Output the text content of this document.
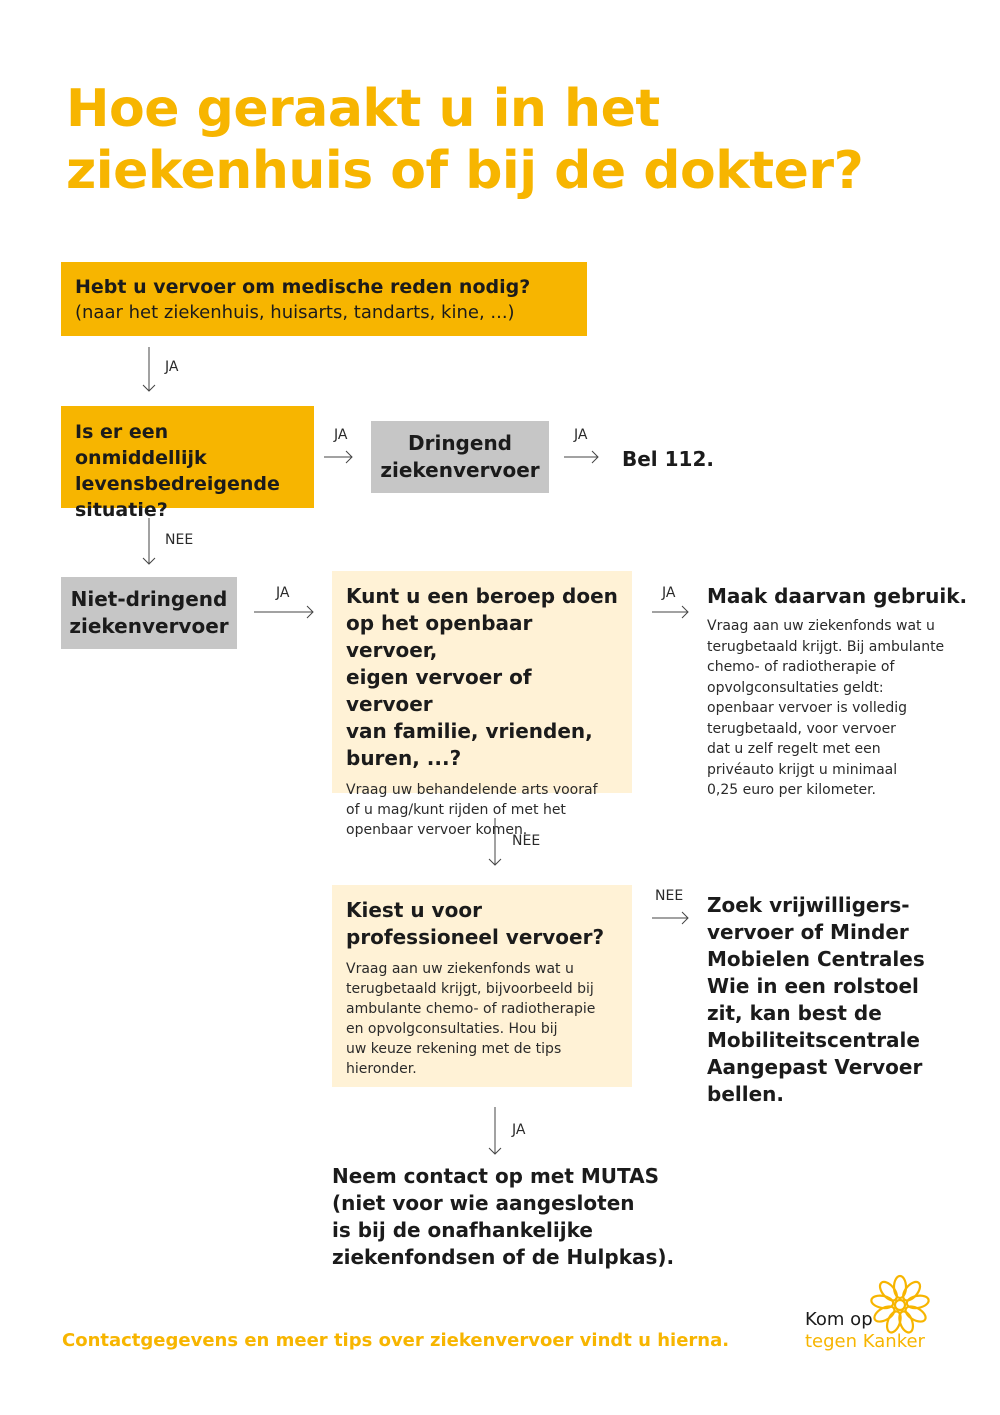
Hoe geraakt u in het
ziekenhuis of bij de dokter?
Hebt u vervoer om medische reden nodig?
(naar het ziekenhuis, huisarts, tandarts, kine, ...)
Is er een onmiddellijk
levensbedreigende
situatie?
Dringend
ziekenvervoer	Bel 112.
Niet-dringend
ziekenvervoer
Kunt u een beroep doen
op het openbaar vervoer,
eigen vervoer of vervoer
van familie, vrienden,
buren, ...?
Vraag uw behandelende arts vooraf
of u mag/kunt rijden of met het
openbaar vervoer komen.
Maak daarvan gebruik.
Vraag aan uw ziekenfonds wat u
terugbetaald krijgt. Bij ambulante
chemo- of radiotherapie of
opvolgconsultaties geldt:
openbaar vervoer is volledig
terugbetaald, voor vervoer
dat u zelf regelt met een
privéauto krijgt u minimaal
0,25 euro per kilometer.
Kiest u voor
professioneel vervoer?
Vraag aan uw ziekenfonds wat u
terugbetaald krijgt, bijvoorbeeld bij
ambulante chemo- of radiotherapie
en opvolgconsultaties. Hou bij
uw keuze rekening met de tips
hieronder.
Zoek vrijwilligers-
vervoer of Minder
Mobielen Centrales
Wie in een rolstoel
zit, kan best de
Mobiliteitscentrale
Aangepast Vervoer
bellen.
Neem contact op met MUTAS
(niet voor wie aangesloten
is bij de onafhankelijke
ziekenfondsen of de Hulpkas).
JA
JA	JA
NEE
JA	JA
NEE
NEE
JA
Contactgegevens en meer tips over ziekenvervoer vindt u hierna.
Kom op
tegen Kanker
